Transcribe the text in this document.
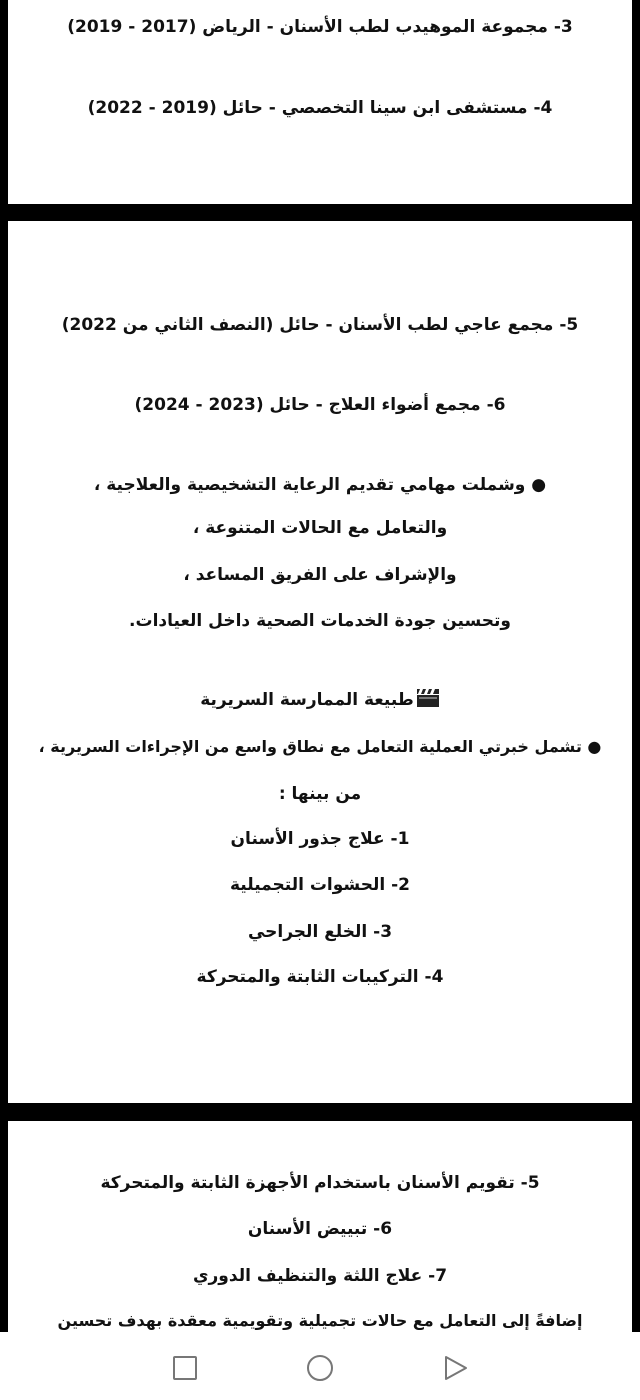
3- مجموعة الموهيدب لطب الأسنان - الرياض (2017 - 2019)
4- مستشفى ابن سينا التخصصي - حائل (2019 - 2022)
5- مجمع عاجي لطب الأسنان - حائل (النصف الثاني من 2022)
6- مجمع أضواء العلاج - حائل (2023 - 2024)
● وشملت مهامي تقديم الرعاية التشخيصية والعلاجية ،
والتعامل مع الحالات المتنوعة ،
والإشراف على الفريق المساعد ،
وتحسين جودة الخدمات الصحية داخل العيادات.
طبيعة الممارسة السريرية
● تشمل خبرتي العملية التعامل مع نطاق واسع من الإجراءات السريرية ،
من بينها :
1- علاج جذور الأسنان
2- الحشوات التجميلية
3- الخلع الجراحي
4- التركيبات الثابتة والمتحركة
5- تقويم الأسنان باستخدام الأجهزة الثابتة والمتحركة
6- تبييض الأسنان
7- علاج اللثة والتنظيف الدوري
إضافةً إلى التعامل مع حالات تجميلية وتقويمية معقدة بهدف تحسين
